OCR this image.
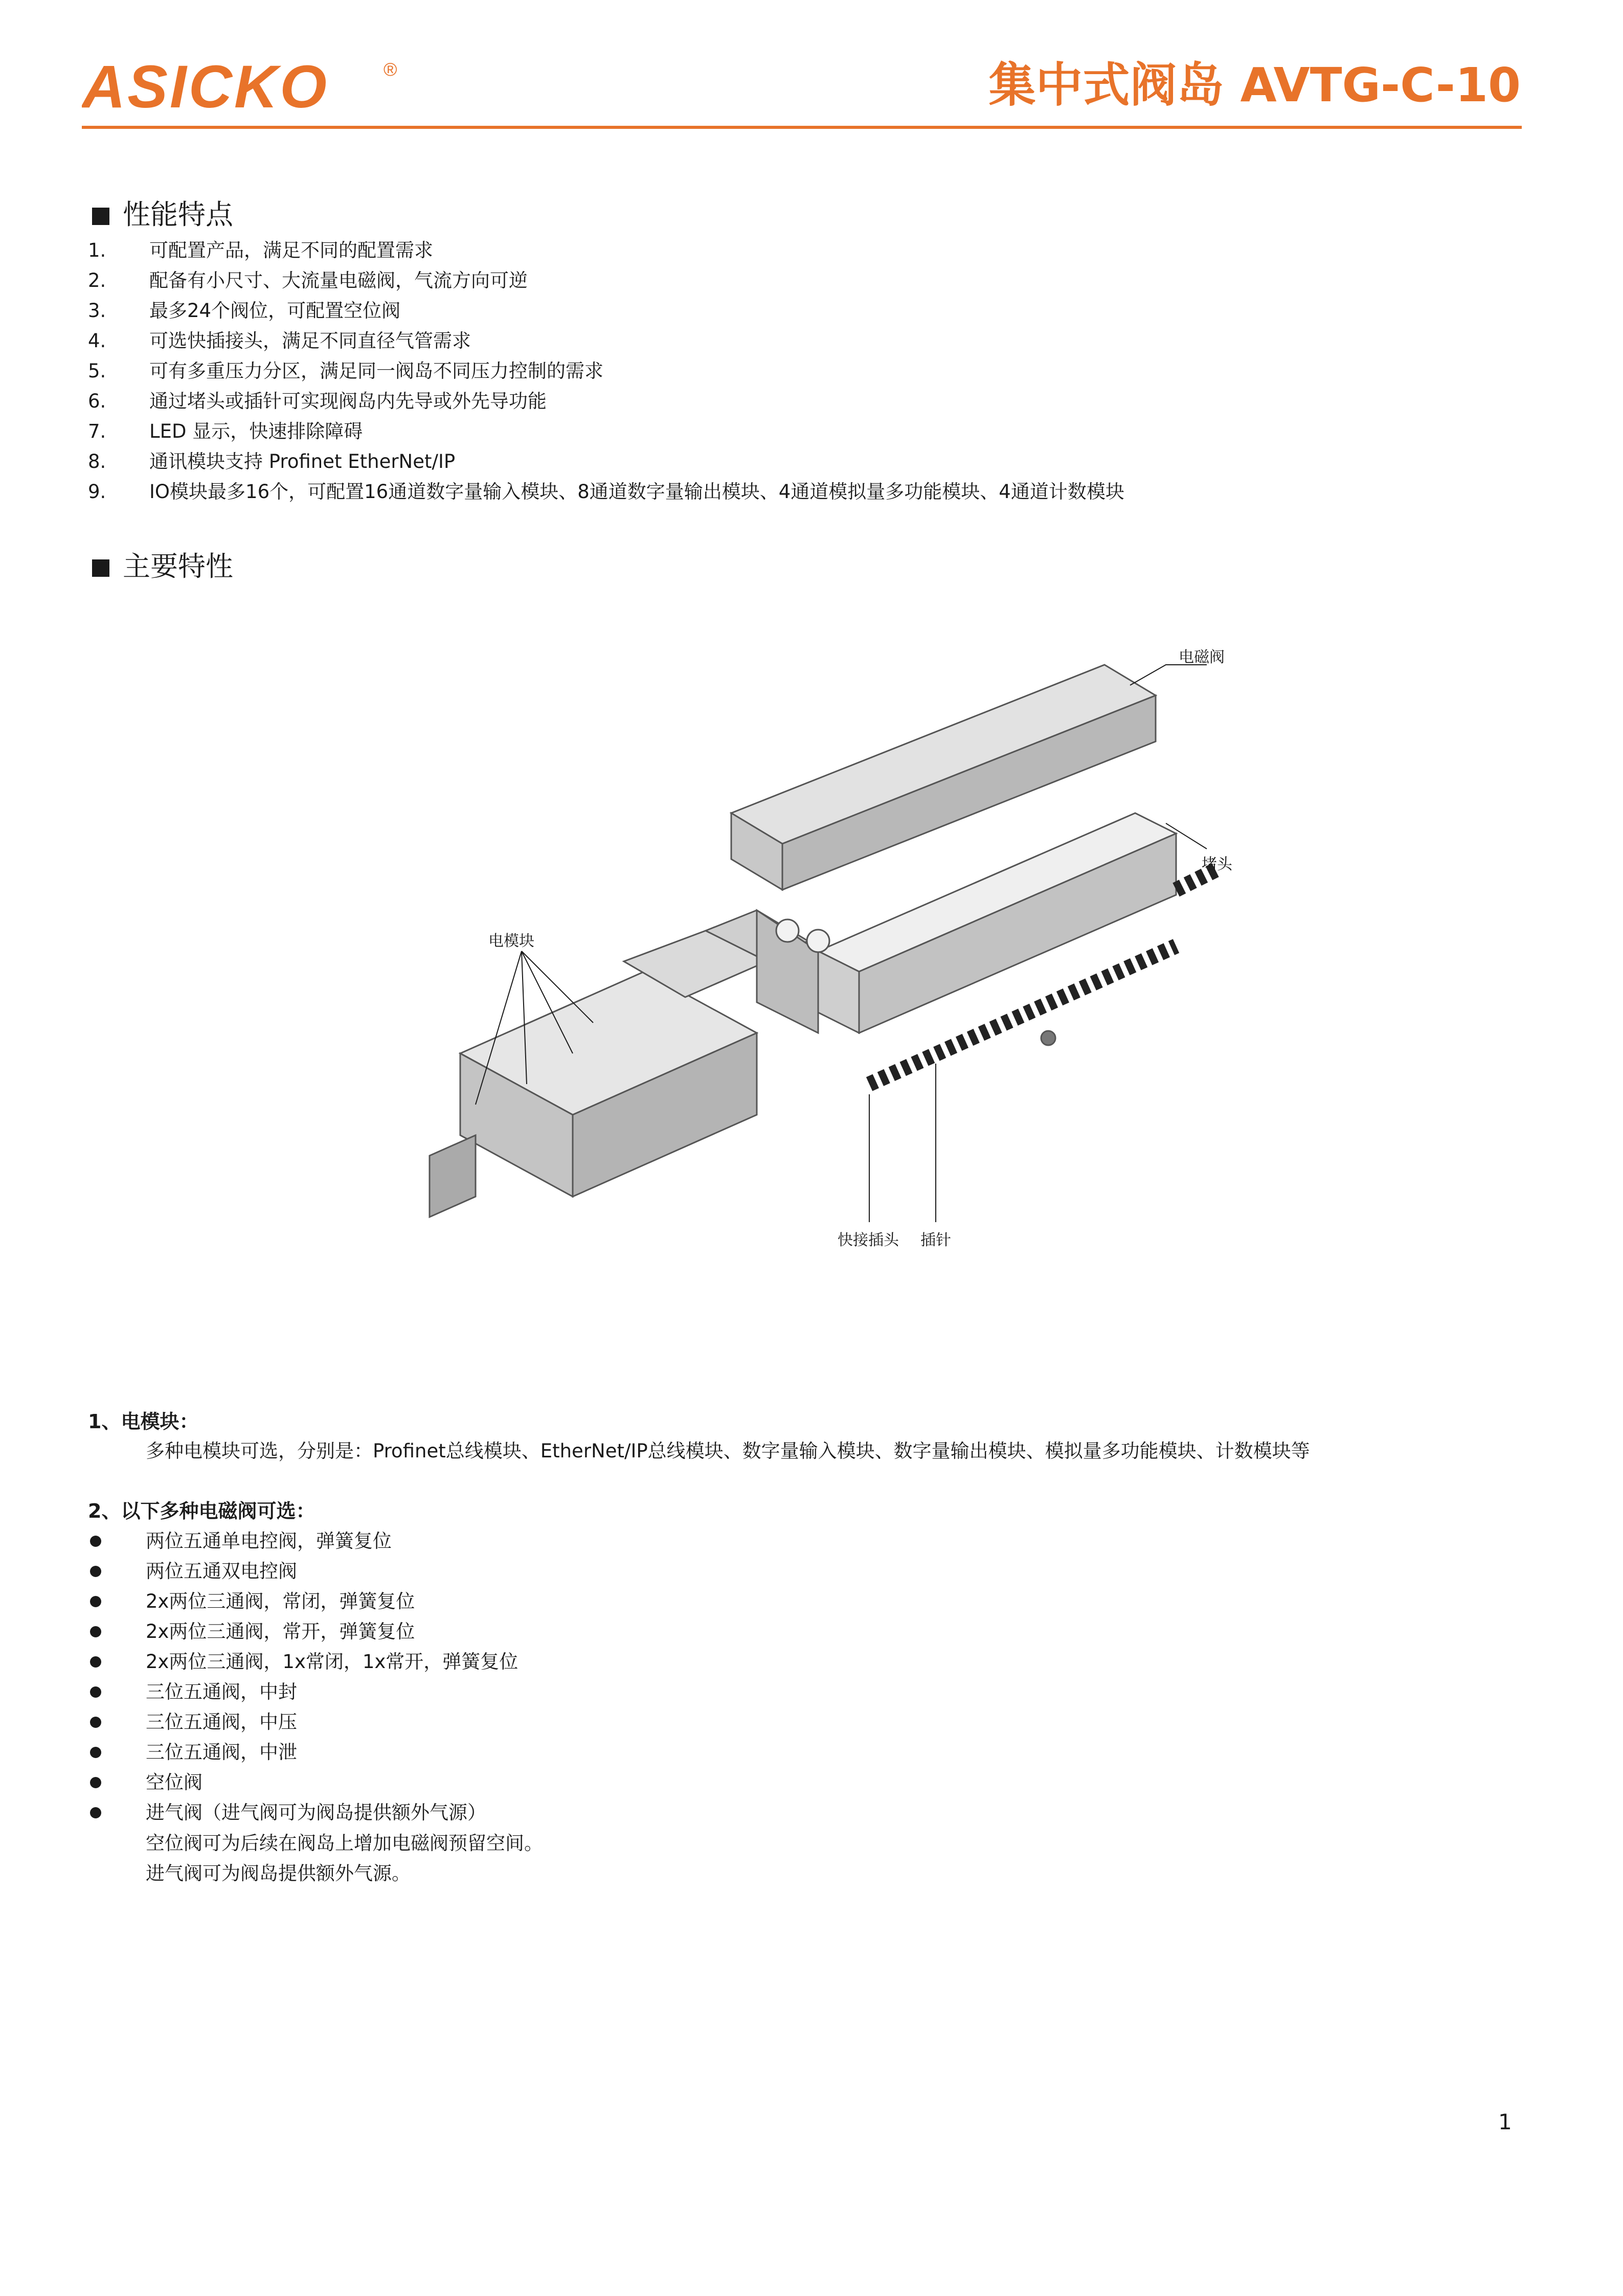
ASICKO	®	集中式阀岛 AVTG-C-10
性能特点
1.	可配置产品，满足不同的配置需求
2.	配备有小尺寸、大流量电磁阀，气流方向可逆
3.	最多24个阀位，可配置空位阀
4.	可选快插接头，满足不同直径气管需求
5.	可有多重压力分区，满足同一阀岛不同压力控制的需求
6.	通过堵头或插针可实现阀岛内先导或外先导功能
7.	LED 显示，快速排除障碍
8.	通讯模块支持 Profinet EtherNet/IP
9.	IO模块最多16个，可配置16通道数字量输入模块、8通道数字量输出模块、4通道模拟量多功能模块、4通道计数模块
主要特性
电磁阀
堵头
电模块
快接插头 插针
1、电模块：
多种电模块可选，分别是：Profinet总线模块、EtherNet/IP总线模块、数字量输入模块、数字量输出模块、模拟量多功能模块、计数模块等
2、以下多种电磁阀可选：
两位五通单电控阀，弹簧复位
两位五通双电控阀
2x两位三通阀，常闭，弹簧复位
2x两位三通阀，常开，弹簧复位
2x两位三通阀，1x常闭，1x常开，弹簧复位
三位五通阀，中封
三位五通阀，中压
三位五通阀，中泄
空位阀
进气阀（进气阀可为阀岛提供额外气源）
空位阀可为后续在阀岛上增加电磁阀预留空间。
进气阀可为阀岛提供额外气源。
1
